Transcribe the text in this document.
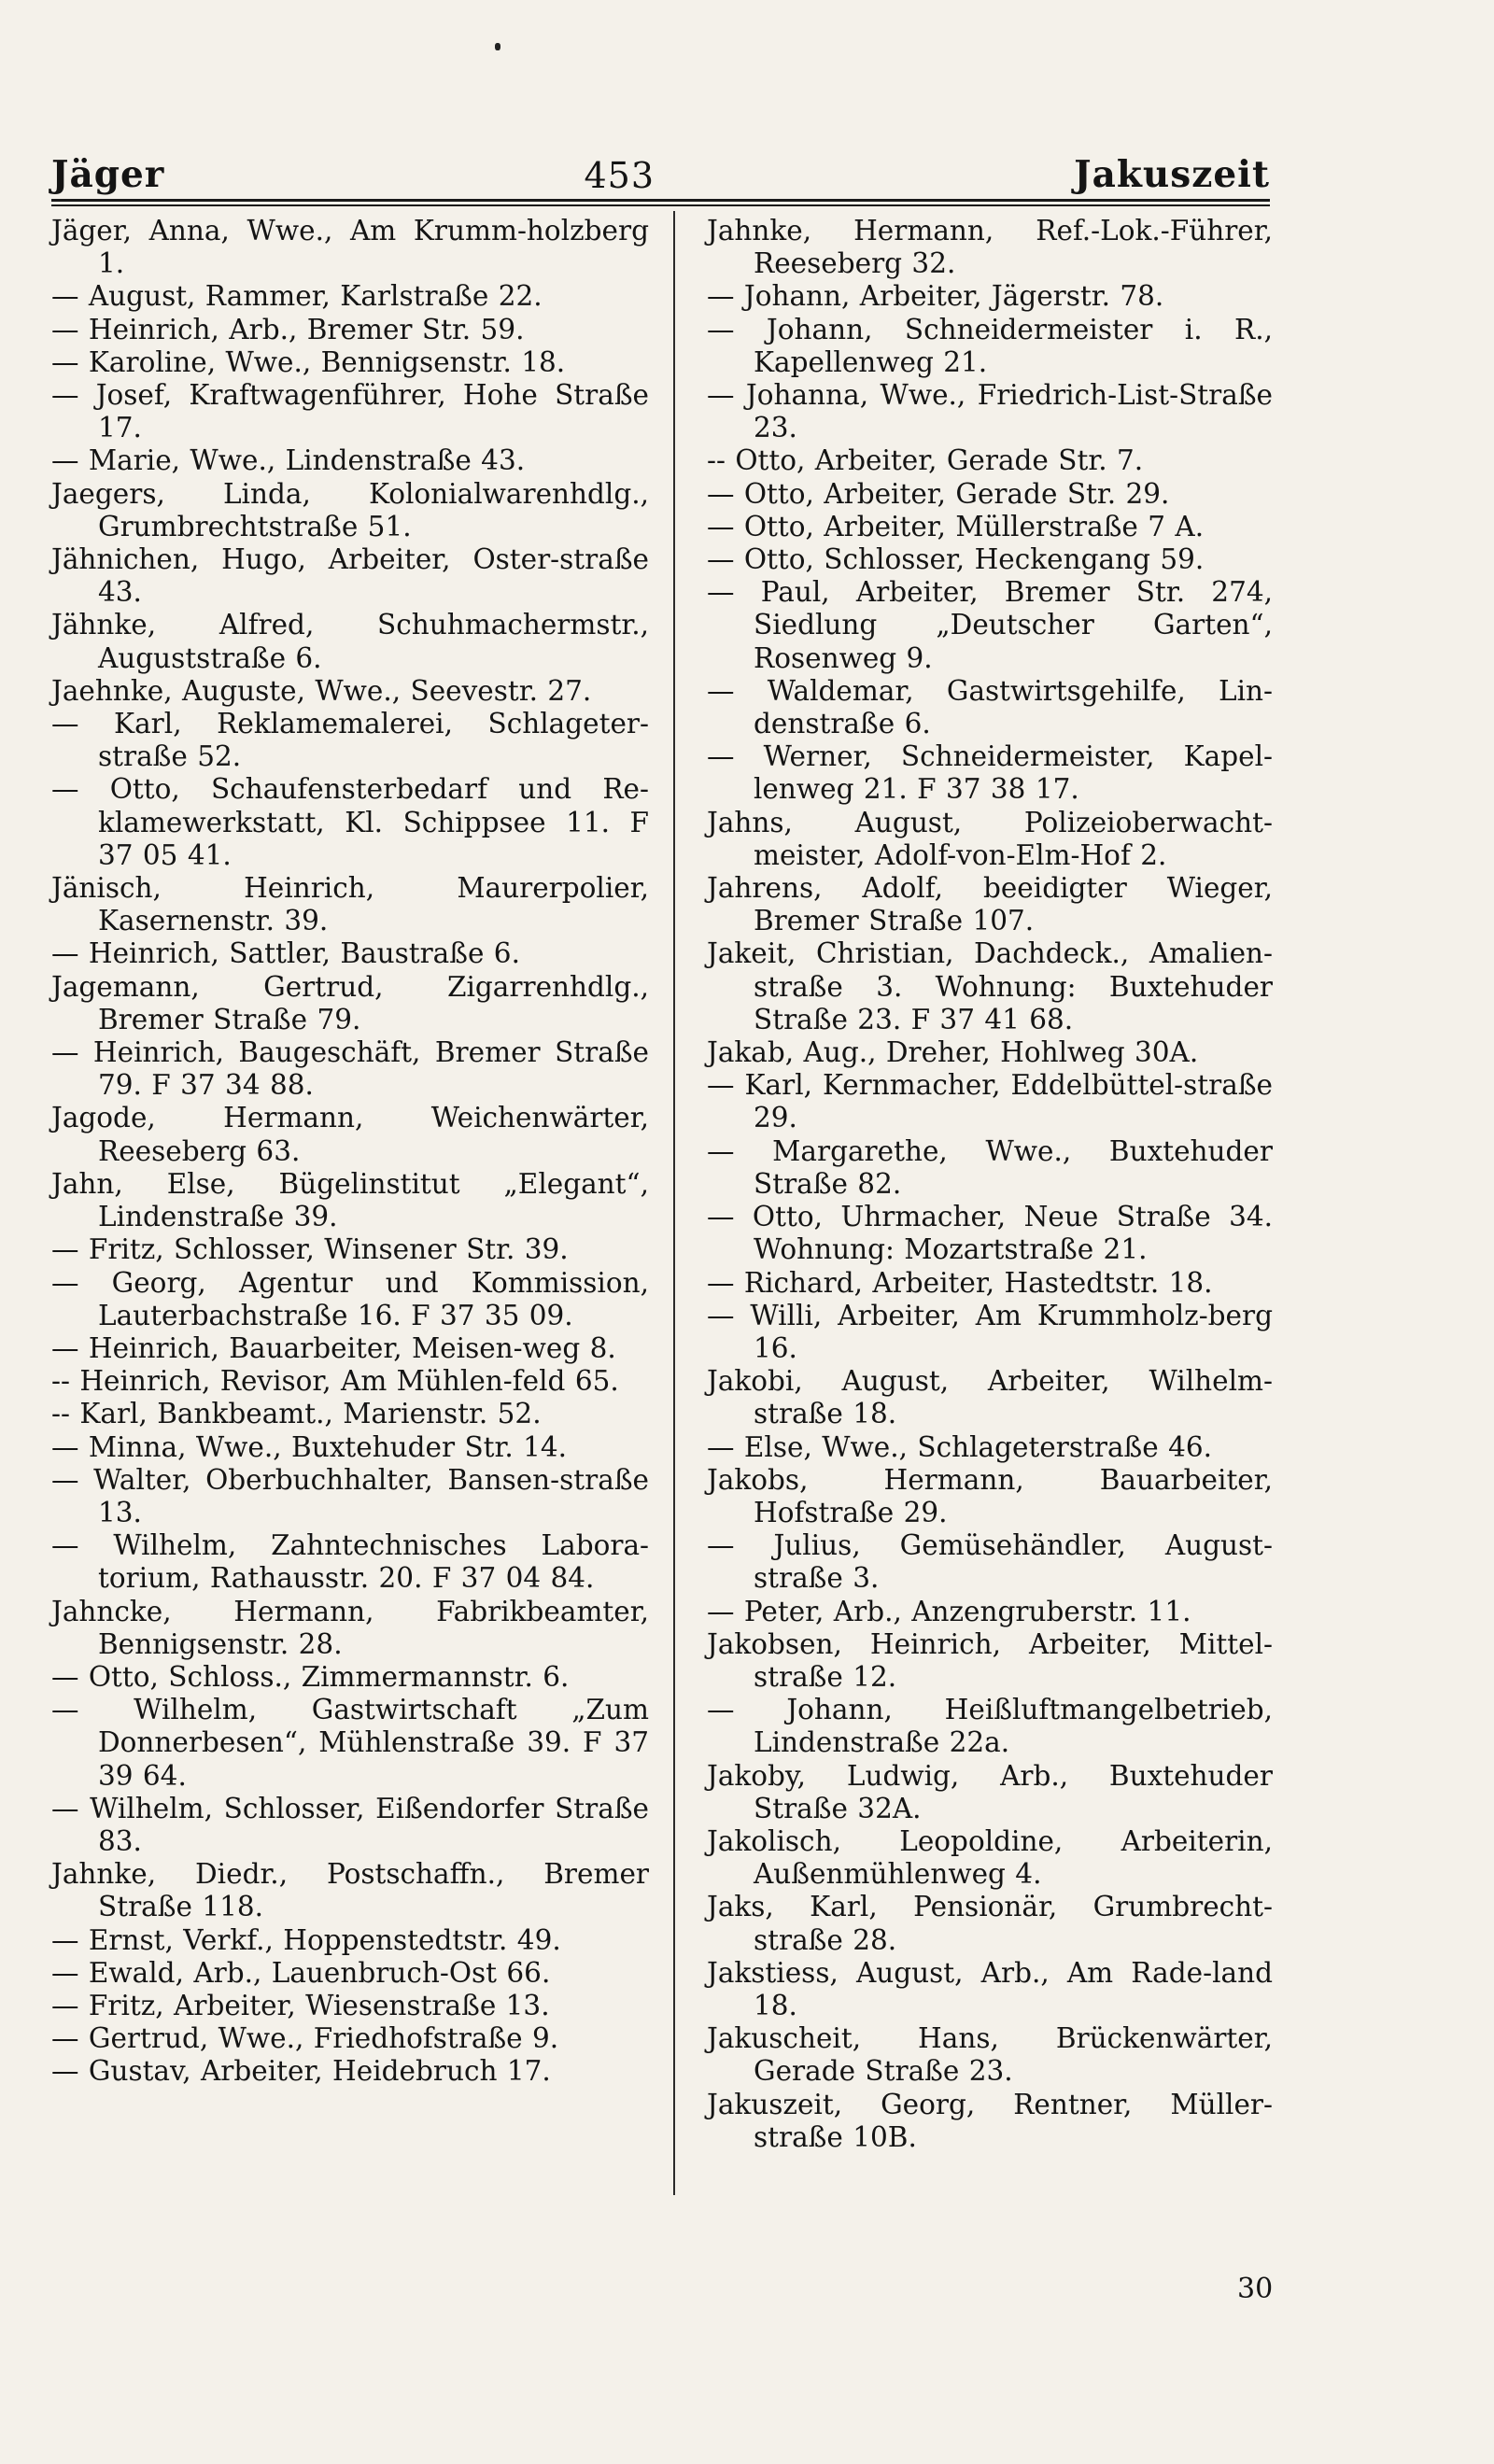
Jäger	453	Jakuszeit
Jäger, Anna, Wwe., Am Krumm-holzberg 1.
— August, Rammer, Karlstraße 22.
— Heinrich, Arb., Bremer Str. 59.
— Karoline, Wwe., Bennigsenstr. 18.
— Josef, Kraftwagenführer, Hohe Straße 17.
— Marie, Wwe., Lindenstraße 43.
Jaegers, Linda, Kolonialwarenhdlg., Grumbrechtstraße 51.
Jähnichen, Hugo, Arbeiter, Oster-straße 43.
Jähnke, Alfred, Schuhmachermstr., Auguststraße 6.
Jaehnke, Auguste, Wwe., Seevestr. 27.
— Karl, Reklamemalerei, Schlageter-straße 52.
— Otto, Schaufensterbedarf und Re-klamewerkstatt, Kl. Schippsee 11. F 37 05 41.
Jänisch, Heinrich, Maurerpolier, Kasernenstr. 39.
— Heinrich, Sattler, Baustraße 6.
Jagemann, Gertrud, Zigarrenhdlg., Bremer Straße 79.
— Heinrich, Baugeschäft, Bremer Straße 79. F 37 34 88.
Jagode, Hermann, Weichenwärter, Reeseberg 63.
Jahn, Else, Bügelinstitut „Elegant“, Lindenstraße 39.
— Fritz, Schlosser, Winsener Str. 39.
— Georg, Agentur und Kommission, Lauterbachstraße 16. F 37 35 09.
— Heinrich, Bauarbeiter, Meisen-weg 8.
-- Heinrich, Revisor, Am Mühlen-feld 65.
-- Karl, Bankbeamt., Marienstr. 52.
— Minna, Wwe., Buxtehuder Str. 14.
— Walter, Oberbuchhalter, Bansen-straße 13.
— Wilhelm, Zahntechnisches Labora-torium, Rathausstr. 20. F 37 04 84.
Jahncke, Hermann, Fabrikbeamter, Bennigsenstr. 28.
— Otto, Schloss., Zimmermannstr. 6.
— Wilhelm, Gastwirtschaft „Zum Donnerbesen“, Mühlenstraße 39. F 37 39 64.
— Wilhelm, Schlosser, Eißendorfer Straße 83.
Jahnke, Diedr., Postschaffn., Bremer Straße 118.
— Ernst, Verkf., Hoppenstedtstr. 49.
— Ewald, Arb., Lauenbruch-Ost 66.
— Fritz, Arbeiter, Wiesenstraße 13.
— Gertrud, Wwe., Friedhofstraße 9.
— Gustav, Arbeiter, Heidebruch 17.
Jahnke, Hermann, Ref.-Lok.-Führer, Reeseberg 32.
— Johann, Arbeiter, Jägerstr. 78.
— Johann, Schneidermeister i. R., Kapellenweg 21.
— Johanna, Wwe., Friedrich-List-Straße 23.
-- Otto, Arbeiter, Gerade Str. 7.
— Otto, Arbeiter, Gerade Str. 29.
— Otto, Arbeiter, Müllerstraße 7 A.
— Otto, Schlosser, Heckengang 59.
— Paul, Arbeiter, Bremer Str. 274, Siedlung „Deutscher Garten“, Rosenweg 9.
— Waldemar, Gastwirtsgehilfe, Lin-denstraße 6.
— Werner, Schneidermeister, Kapel-lenweg 21. F 37 38 17.
Jahns, August, Polizeioberwacht-meister, Adolf-von-Elm-Hof 2.
Jahrens, Adolf, beeidigter Wieger, Bremer Straße 107.
Jakeit, Christian, Dachdeck., Amalien-straße 3. Wohnung: Buxtehuder Straße 23. F 37 41 68.
Jakab, Aug., Dreher, Hohlweg 30A.
— Karl, Kernmacher, Eddelbüttel-straße 29.
— Margarethe, Wwe., Buxtehuder Straße 82.
— Otto, Uhrmacher, Neue Straße 34. Wohnung: Mozartstraße 21.
— Richard, Arbeiter, Hastedtstr. 18.
— Willi, Arbeiter, Am Krummholz-berg 16.
Jakobi, August, Arbeiter, Wilhelm-straße 18.
— Else, Wwe., Schlageterstraße 46.
Jakobs, Hermann, Bauarbeiter, Hofstraße 29.
— Julius, Gemüsehändler, August-straße 3.
— Peter, Arb., Anzengruberstr. 11.
Jakobsen, Heinrich, Arbeiter, Mittel-straße 12.
— Johann, Heißluftmangelbetrieb, Lindenstraße 22a.
Jakoby, Ludwig, Arb., Buxtehuder Straße 32A.
Jakolisch, Leopoldine, Arbeiterin, Außenmühlenweg 4.
Jaks, Karl, Pensionär, Grumbrecht-straße 28.
Jakstiess, August, Arb., Am Rade-land 18.
Jakuscheit, Hans, Brückenwärter, Gerade Straße 23.
Jakuszeit, Georg, Rentner, Müller-straße 10B.
30
